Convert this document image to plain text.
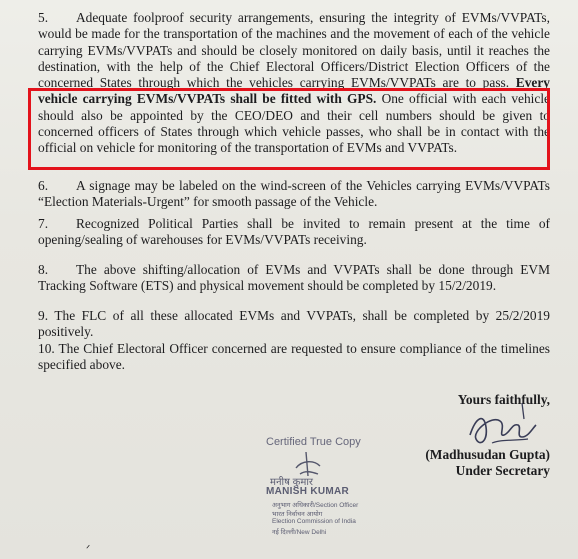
5. Adequate foolproof security arrangements, ensuring the integrity of EVMs/VVPATs, would be made for the transportation of the machines and the movement of each of the vehicle carrying EVMs/VVPATs and should be closely monitored on daily basis, until it reaches the destination, with the help of the Chief Electoral Officers/District Election Officers of the concerned States through which the vehicles carrying EVMs/VVPATs are to pass. Every vehicle carrying EVMs/VVPATs shall be fitted with GPS. One official with each vehicle should also be appointed by the CEO/DEO and their cell numbers should be given to concerned officers of States through which vehicle passes, who shall be in contact with the official on vehicle for monitoring of the transportation of EVMs and VVPATs.
6. A signage may be labeled on the wind-screen of the Vehicles carrying EVMs/VVPATs “Election Materials-Urgent” for smooth passage of the Vehicle.
7. Recognized Political Parties shall be invited to remain present at the time of opening/sealing of warehouses for EVMs/VVPATs receiving.
8. The above shifting/allocation of EVMs and VVPATs shall be done through EVM Tracking Software (ETS) and physical movement should be completed by 15/2/2019.
9. The FLC of all these allocated EVMs and VVPATs, shall be completed by 25/2/2019 positively.
10. The Chief Electoral Officer concerned are requested to ensure compliance of the timelines specified above.
Yours faithfully,
(Madhusudan Gupta)
Under Secretary
Certified True Copy
मनीष कुमार
MANISH KUMAR
अनुभाग अधिकारी/Section Officer
भारत निर्वाचन आयोग
Election Commission of India
नई दिल्ली/New Delhi
ᐟ
